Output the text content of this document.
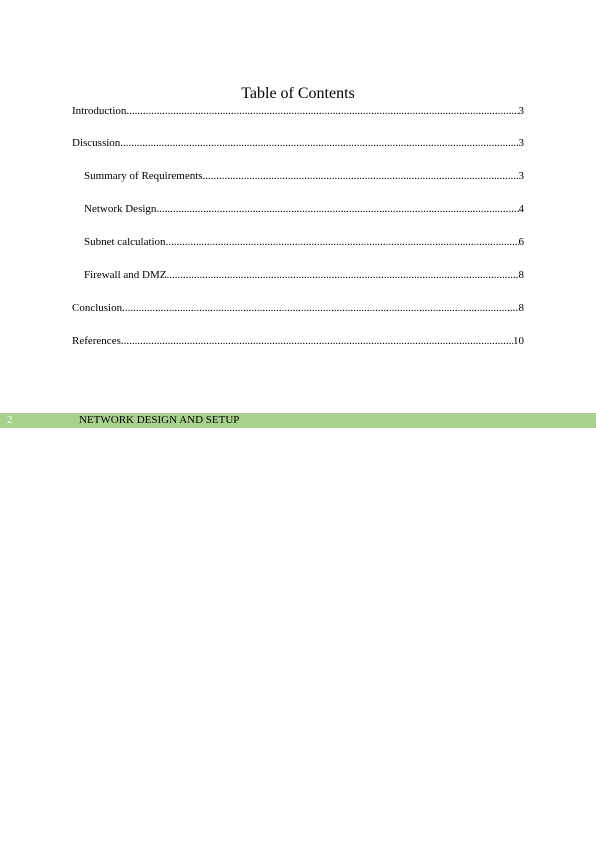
Table of Contents
Introduction .....	3
Discussion .....	3
Summary of Requirements .....	3
Network Design .....	4
Subnet calculation .....	6
Firewall and DMZ .....	8
Conclusion .....	8
References .....	10
2	NETWORK DESIGN AND SETUP
